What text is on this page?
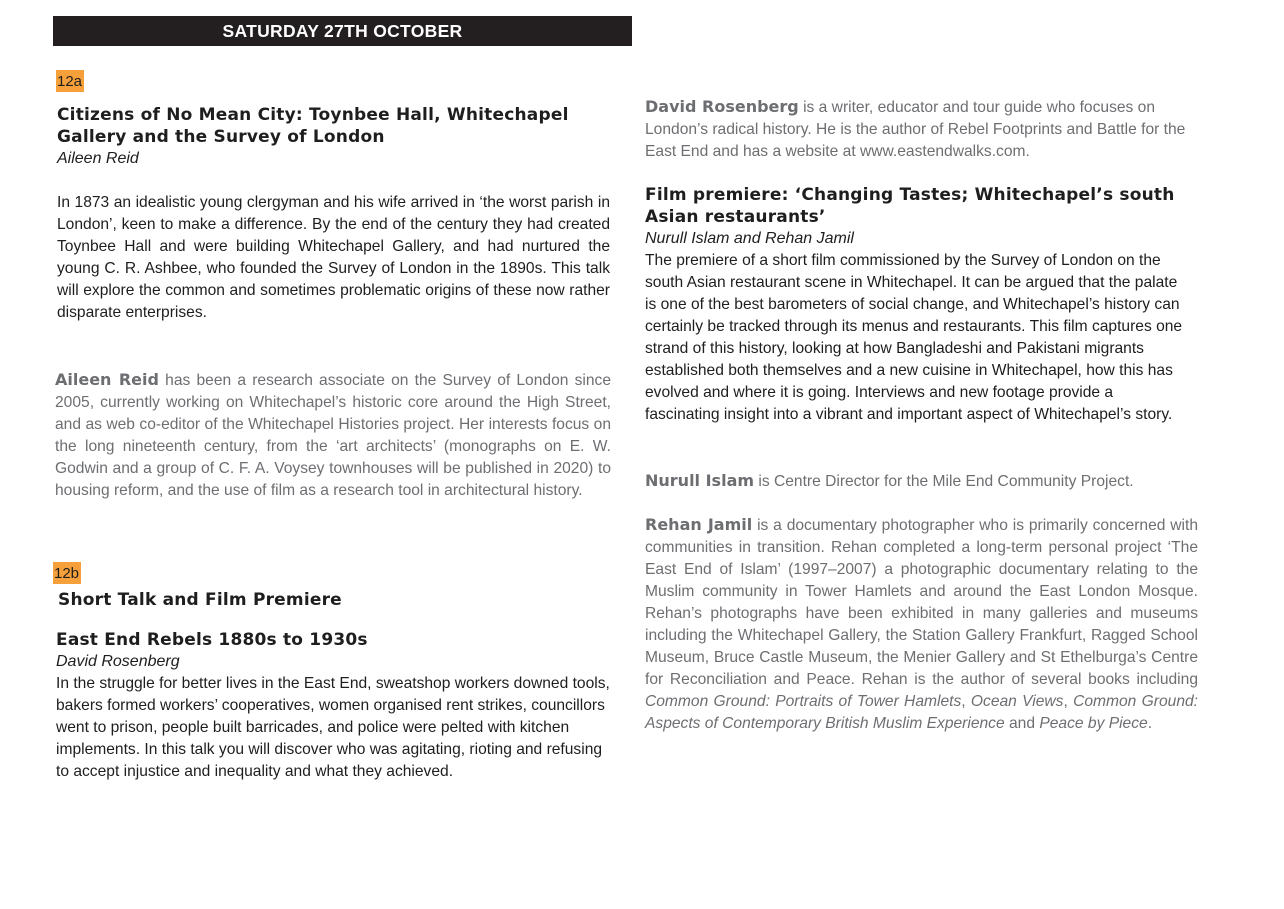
SATURDAY 27TH OCTOBER
12a

Citizens of No Mean City: Toynbee Hall, Whitechapel

Gallery and the Survey of London

Aileen Reid

In 1873 an idealistic young clergyman and his wife arrived in ‘the worst parish in London’, keen to make a difference. By the end of the century they had created Toynbee Hall and were building Whitechapel Gallery, and had nurtured the young C. R. Ashbee, who founded the Survey of London in the 1890s. This talk will explore the common and sometimes problematic origins of these now rather disparate enterprises.

Aileen Reid has been a research associate on the Survey of London since 2005, currently working on Whitechapel’s historic core around the High Street, and as web co-editor of the Whitechapel Histories project. Her interests focus on the long nineteenth century, from the ‘art architects’ (monographs on E. W. Godwin and a group of C. F. A. Voysey townhouses will be published in 2020) to housing reform, and the use of film as a research tool in architectural history.

12b

Short Talk and Film Premiere

East End Rebels 1880s to 1930s

David Rosenberg

In the struggle for better lives in the East End, sweatshop workers downed tools, bakers formed workers’ cooperatives, women organised rent strikes, councillors went to prison, people built barricades, and police were pelted with kitchen implements. In this talk you will discover who was agitating, rioting and refusing to accept injustice and inequality and what they achieved.

David Rosenberg is a writer, educator and tour guide who focuses on London’s radical history. He is the author of Rebel Footprints and Battle for the East End and has a website at www.eastendwalks.com.

Film premiere: ‘Changing Tastes; Whitechapel’s south

Asian restaurants’

Nurull Islam and Rehan Jamil

The premiere of a short film commissioned by the Survey of London on the south Asian restaurant scene in Whitechapel. It can be argued that the palate is one of the best barometers of social change, and Whitechapel’s history can certainly be tracked through its menus and restaurants. This film captures one strand of this history, looking at how Bangladeshi and Pakistani migrants established both themselves and a new cuisine in Whitechapel, how this has evolved and where it is going. Interviews and new footage provide a fascinating insight into a vibrant and important aspect of Whitechapel’s story.

Nurull Islam is Centre Director for the Mile End Community Project.

Rehan Jamil is a documentary photographer who is primarily concerned with communities in transition. Rehan completed a long-term personal project ‘The East End of Islam’ (1997–2007) a photographic documentary relating to the Muslim community in Tower Hamlets and around the East London Mosque. Rehan’s photographs have been exhibited in many galleries and museums including the Whitechapel Gallery, the Station Gallery Frankfurt, Ragged School Museum, Bruce Castle Museum, the Menier Gallery and St Ethelburga’s Centre for Reconciliation and Peace. Rehan is the author of several books including Common Ground: Portraits of Tower Hamlets, Ocean Views, Common Ground: Aspects of Contemporary British Muslim Experience and Peace by Piece.
